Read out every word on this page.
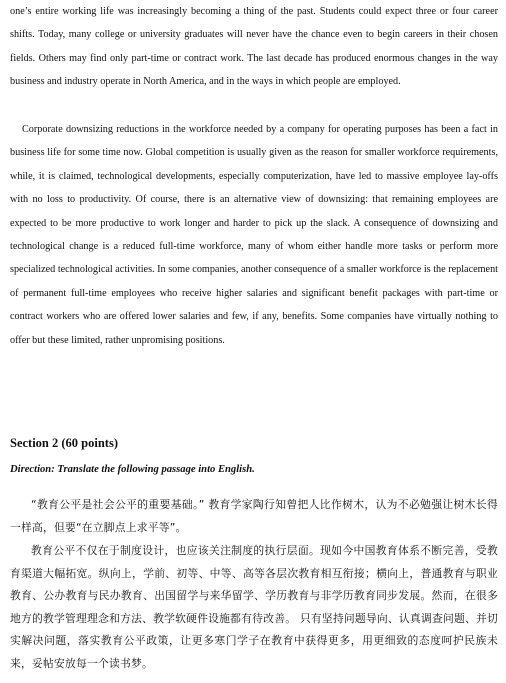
one’s entire working life was increasingly becoming a thing of the past. Students could expect three or four career shifts. Today, many college or university graduates will never have the chance even to begin careers in their chosen fields. Others may find only part-time or contract work. The last decade has produced enormous changes in the way business and industry operate in North America, and in the ways in which people are employed.

Corporate downsizing reductions in the workforce needed by a company for operating purposes has been a fact in business life for some time now. Global competition is usually given as the reason for smaller workforce requirements, while, it is claimed, technological developments, especially computerization, have led to massive employee lay-offs with no loss to productivity. Of course, there is an alternative view of downsizing: that remaining employees are expected to be more productive to work longer and harder to pick up the slack. A consequence of downsizing and technological change is a reduced full-time workforce, many of whom either handle more tasks or perform more specialized technological activities. In some companies, another consequence of a smaller workforce is the replacement of permanent full-time employees who receive higher salaries and significant benefit packages with part-time or contract workers who are offered lower salaries and few, if any, benefits. Some companies have virtually nothing to offer but these limited, rather unpromising positions.

Section 2 (60 points)

Direction: Translate the following passage into English.

“教育公平是社会公平的重要基础。” 教育学家陶行知曾把人比作树木，认为不必勉强让树木长得一样高，但要“在立脚点上求平等”。

教育公平不仅在于制度设计，也应该关注制度的执行层面。现如今中国教育体系不断完善，受教育渠道大幅拓宽。纵向上，学前、初等、中等、高等各层次教育相互衔接；横向上，普通教育与职业教育、公办教育与民办教育、出国留学与来华留学、学历教育与非学历教育同步发展。然而，在很多地方的教学管理理念和方法、教学软硬件设施都有待改善。 只有坚持问题导向、认真调查问题、并切实解决问题，落实教育公平政策，让更多寒门学子在教育中获得更多，用更细致的态度呵护民族未来，妥帖安放每一个读书梦。
